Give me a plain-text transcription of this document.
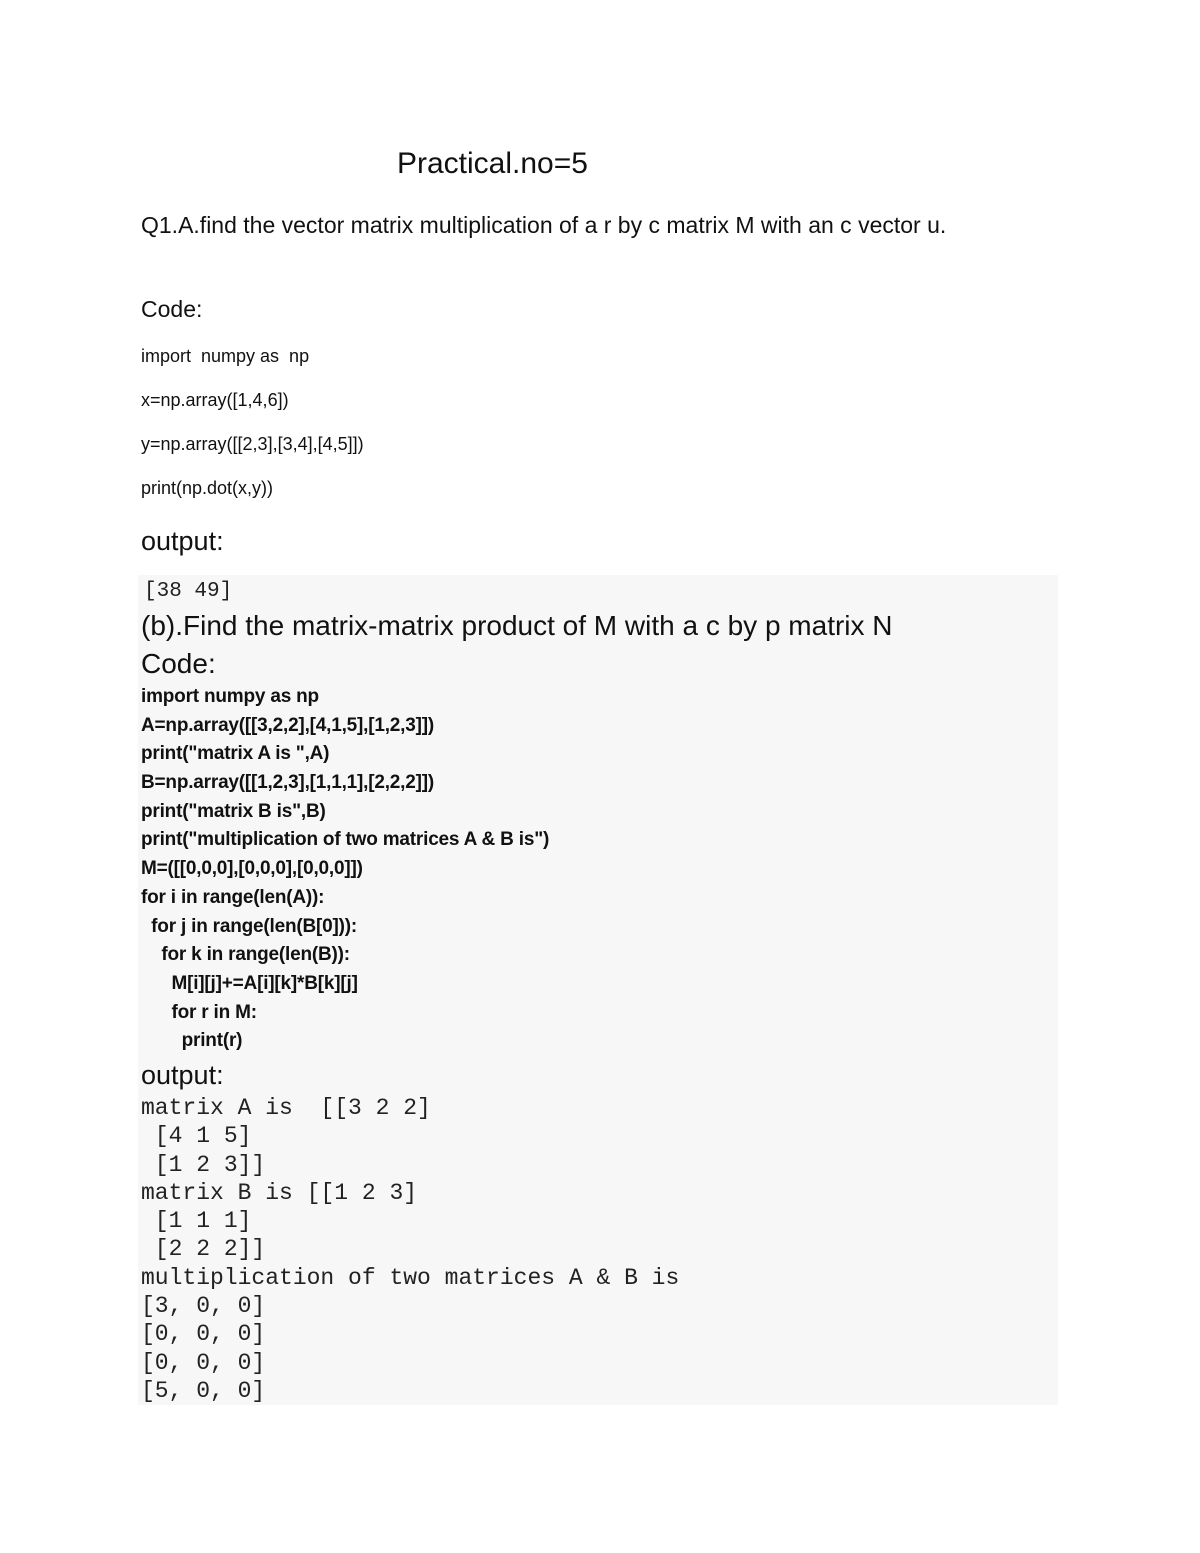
Practical.no=5
Q1.A.find the vector matrix multiplication of a r by c matrix M with an c vector u.
Code:
import  numpy as  np
x=np.array([1,4,6])
y=np.array([[2,3],[3,4],[4,5]])
print(np.dot(x,y))
output:
[38 49]
(b).Find the matrix-matrix product of M with a c by p matrix N
Code:
import numpy as np
A=np.array([[3,2,2],[4,1,5],[1,2,3]])
print("matrix A is ",A)
B=np.array([[1,2,3],[1,1,1],[2,2,2]])
print("matrix B is",B)
print("multiplication of two matrices A & B is")
M=([[0,0,0],[0,0,0],[0,0,0]])
for i in range(len(A)):
for j in range(len(B[0])):
for k in range(len(B)):
M[i][j]+=A[i][k]*B[k][j]
for r in M:
print(r)
output:
matrix A is  [[3 2 2]
[4 1 5]
[1 2 3]]
matrix B is [[1 2 3]
[1 1 1]
[2 2 2]]
multiplication of two matrices A & B is
[3, 0, 0]
[0, 0, 0]
[0, 0, 0]
[5, 0, 0]
